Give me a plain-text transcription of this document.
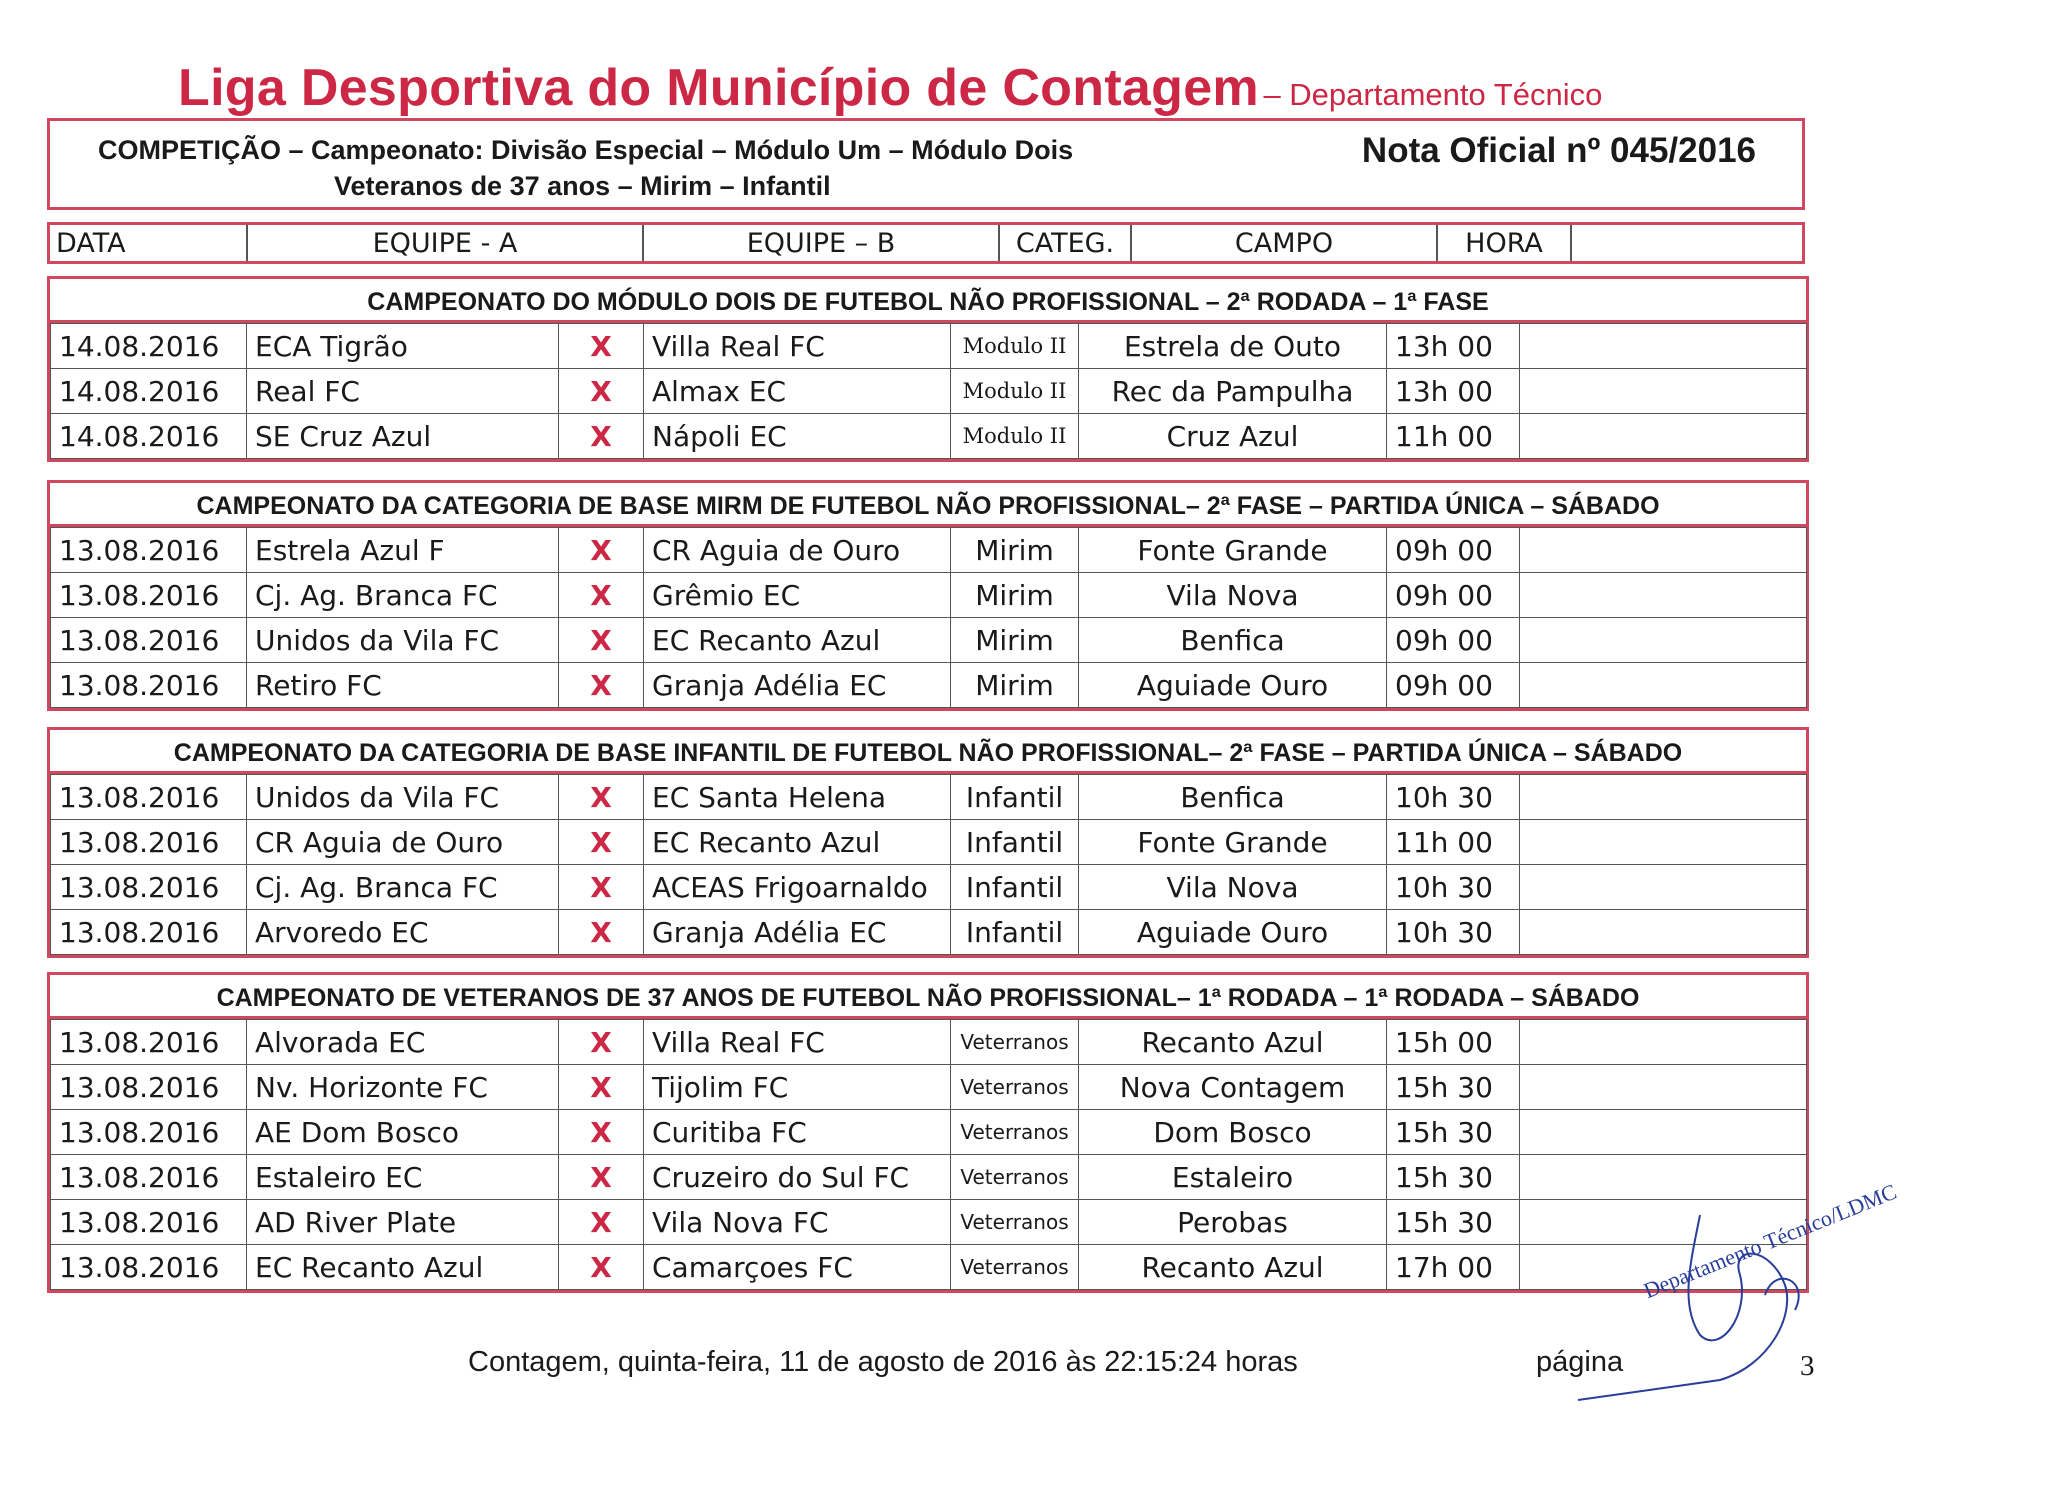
Liga Desportiva do Município de Contagem – Departamento Técnico
COMPETIÇÃO – Campeonato: Divisão Especial – Módulo Um – Módulo Dois
Veteranos de 37 anos – Mirim – Infantil
Nota Oficial nº 045/2016
DATA	EQUIPE - A	EQUIPE – B	CATEG.	CAMPO	HORA
CAMPEONATO DO MÓDULO DOIS DE FUTEBOL NÃO PROFISSIONAL – 2ª RODADA – 1ª FASE
14.08.2016	ECA Tigrão	X	Villa Real FC	Modulo II	Estrela de Outo	13h 00	
14.08.2016	Real FC	X	Almax EC	Modulo II	Rec da Pampulha	13h 00	
14.08.2016	SE Cruz Azul	X	Nápoli EC	Modulo II	Cruz Azul	11h 00	
CAMPEONATO DA CATEGORIA DE BASE MIRM DE FUTEBOL NÃO PROFISSIONAL– 2ª FASE – PARTIDA ÚNICA – SÁBADO
13.08.2016	Estrela Azul F	X	CR Aguia de Ouro	Mirim	Fonte Grande	09h 00	
13.08.2016	Cj. Ag. Branca FC	X	Grêmio EC	Mirim	Vila Nova	09h 00	
13.08.2016	Unidos da Vila FC	X	EC Recanto Azul	Mirim	Benfica	09h 00	
13.08.2016	Retiro FC	X	Granja Adélia EC	Mirim	Aguiade Ouro	09h 00	
CAMPEONATO DA CATEGORIA DE BASE INFANTIL DE FUTEBOL NÃO PROFISSIONAL– 2ª FASE – PARTIDA ÚNICA – SÁBADO
13.08.2016	Unidos da Vila FC	X	EC Santa Helena	Infantil	Benfica	10h 30	
13.08.2016	CR Aguia de Ouro	X	EC Recanto Azul	Infantil	Fonte Grande	11h 00	
13.08.2016	Cj. Ag. Branca FC	X	ACEAS Frigoarnaldo	Infantil	Vila Nova	10h 30	
13.08.2016	Arvoredo EC	X	Granja Adélia EC	Infantil	Aguiade Ouro	10h 30	
CAMPEONATO DE VETERANOS DE 37 ANOS DE FUTEBOL NÃO PROFISSIONAL– 1ª RODADA – 1ª RODADA – SÁBADO
13.08.2016	Alvorada EC	X	Villa Real FC	Veterranos	Recanto Azul	15h 00	
13.08.2016	Nv. Horizonte FC	X	Tijolim FC	Veterranos	Nova Contagem	15h 30	
13.08.2016	AE Dom Bosco	X	Curitiba FC	Veterranos	Dom Bosco	15h 30	
13.08.2016	Estaleiro EC	X	Cruzeiro do Sul FC	Veterranos	Estaleiro	15h 30	
13.08.2016	AD River Plate	X	Vila Nova FC	Veterranos	Perobas	15h 30	
13.08.2016	EC Recanto Azul	X	Camarçoes FC	Veterranos	Recanto Azul	17h 00	
Contagem, quinta-feira, 11 de agosto de 2016 às 22:15:24 horas	página	3
Departamento Técnico/LDMC
